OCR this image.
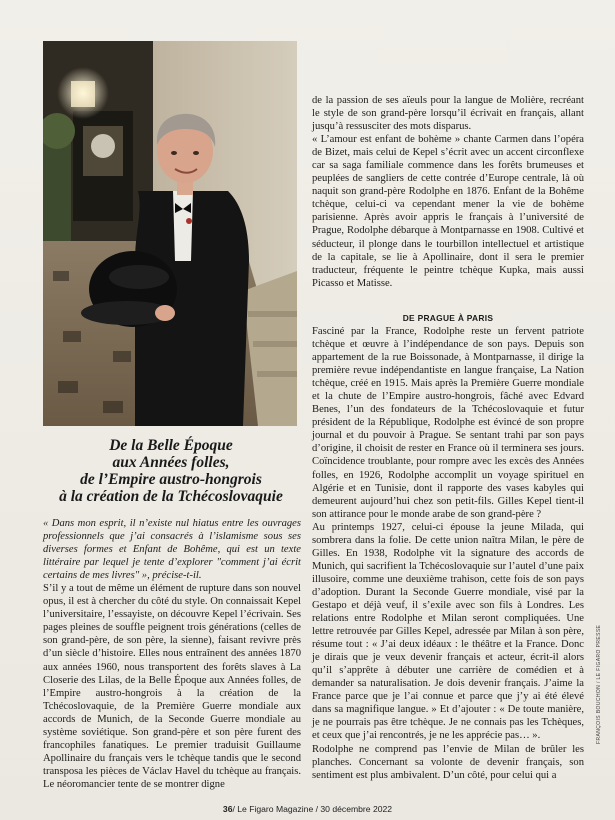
De la Belle Époque
aux Années folles,
de l’Empire austro-hongrois
à la création de la Tchécoslovaquie

« Dans mon esprit, il n’existe nul hiatus entre les ouvrages professionnels que j’ai consacrés à l’islamisme sous ses diverses formes et Enfant de Bohême, qui est un texte littéraire par lequel je tente d’explorer "comment j’ai écrit certains de mes livres" », précise-t-il.

S’il y a tout de même un élément de rupture dans son nouvel opus, il est à chercher du côté du style. On connaissait Kepel l’universitaire, l’essayiste, on découvre Kepel l’écrivain. Ses pages pleines de souffle peignent trois générations (celles de son grand-père, de son père, la sienne), faisant revivre près d’un siècle d’histoire. Elles nous entraînent des années 1870 aux années 1960, nous transportent des forêts slaves à La Closerie des Lilas, de la Belle Époque aux Années folles, de l’Empire austro-hongrois à la création de la Tchécoslovaquie, de la Première Guerre mondiale aux accords de Munich, de la Seconde Guerre mondiale au système soviétique. Son grand-père et son père furent des francophiles fanatiques. Le premier traduisit Guillaume Apollinaire du français vers le tchèque tandis que le second transposa les pièces de Václav Havel du tchèque au français. Le néoromancier tente de se montrer digne

de la passion de ses aïeuls pour la langue de Molière, recréant le style de son grand-père lorsqu’il écrivait en français, allant jusqu’à ressusciter des mots disparus.

« L’amour est enfant de bohème » chante Carmen dans l’opéra de Bizet, mais celui de Kepel s’écrit avec un accent circonflexe car sa saga familiale commence dans les forêts brumeuses et peuplées de sangliers de cette contrée d’Europe centrale, là où naquit son grand-père Rodolphe en 1876. Enfant de la Bohême tchèque, celui-ci va cependant mener la vie de bohème parisienne. Après avoir appris le français à l’université de Prague, Rodolphe débarque à Montparnasse en 1908. Cultivé et séducteur, il plonge dans le tourbillon intellectuel et artistique de la capitale, se lie à Apollinaire, dont il sera le premier traducteur, fréquente le peintre tchèque Kupka, mais aussi Picasso et Matisse.

DE PRAGUE À PARIS

Fasciné par la France, Rodolphe reste un fervent patriote tchèque et œuvre à l’indépendance de son pays. Depuis son appartement de la rue Boissonade, à Montparnasse, il dirige la première revue indépendantiste en langue française, La Nation tchèque, créé en 1915. Mais après la Première Guerre mondiale et la chute de l’Empire austro-hongrois, fâché avec Edvard Benes, l’un des fondateurs de la Tchécoslovaquie et futur président de la République, Rodolphe est évincé de son propre journal et du pouvoir à Prague. Se sentant trahi par son pays d’origine, il choisit de rester en France où il terminera ses jours. Coïncidence troublante, pour rompre avec les excès des Années folles, en 1926, Rodolphe accomplit un voyage spirituel en Algérie et en Tunisie, dont il rapporte des vases kabyles qui demeurent aujourd’hui chez son petit-fils. Gilles Kepel tient-il son attirance pour le monde arabe de son grand-père ?

Au printemps 1927, celui-ci épouse la jeune Milada, qui sombrera dans la folie. De cette union naîtra Milan, le père de Gilles. En 1938, Rodolphe vit la signature des accords de Munich, qui sacrifient la Tchécoslovaquie sur l’autel d’une paix illusoire, comme une deuxième trahison, cette fois de son pays d’adoption. Durant la Seconde Guerre mondiale, visé par la Gestapo et déjà veuf, il s’exile avec son fils à Londres. Les relations entre Rodolphe et Milan seront compliquées. Une lettre retrouvée par Gilles Kepel, adressée par Milan à son père, résume tout : « J’ai deux idéaux : le théâtre et la France. Donc je dirais que je veux devenir français et acteur, écrit-il alors qu’il s’apprête à débuter une carrière de comédien et à demander sa naturalisation. Je dois devenir français. J’aime la France parce que je l’ai connue et parce que j’y ai été élevé dans sa magnifique langue. » Et d’ajouter : « De toute manière, je ne pourrais pas être tchèque. Je ne connais pas les Tchèques, et ceux que j’ai rencontrés, je ne les apprécie pas… ».

Rodolphe ne comprend pas l’envie de Milan de brûler les planches. Concernant sa volonte de devenir français, son sentiment est plus ambivalent. D’un côté, pour celui qui a

36/ Le Figaro Magazine / 30 décembre 2022
FRANÇOIS BOUCHON / LE FIGARO PRESSE
